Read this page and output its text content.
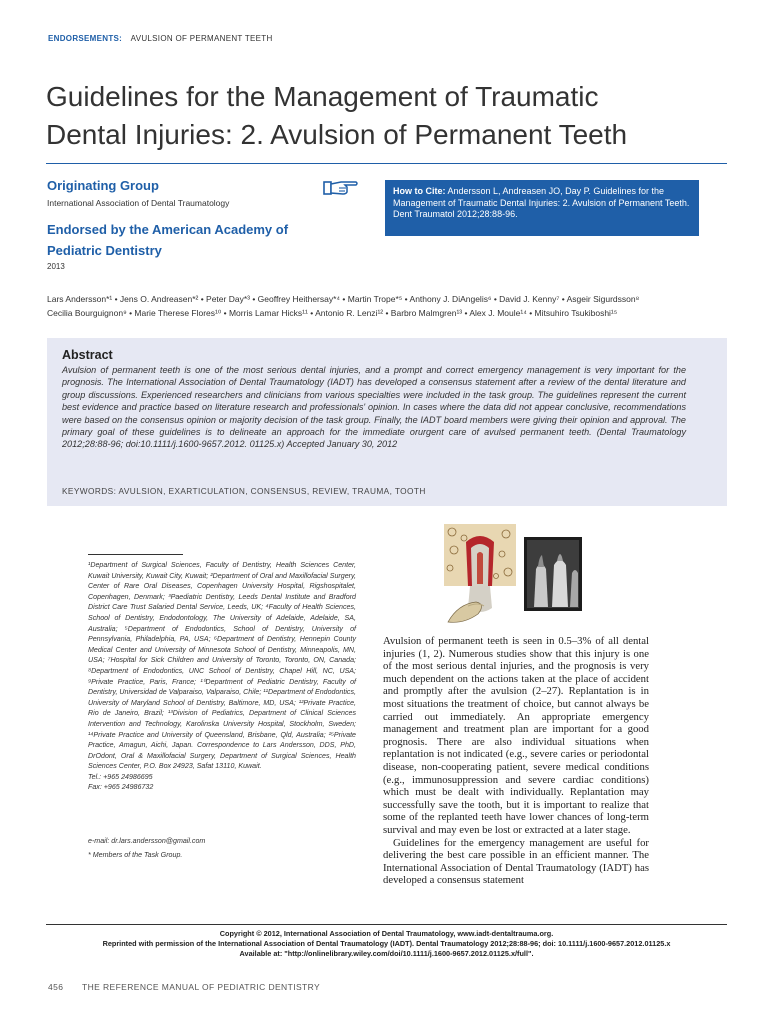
ENDORSEMENTS: AVULSION OF PERMANENT TEETH
Guidelines for the Management of Traumatic Dental Injuries: 2. Avulsion of Permanent Teeth
Originating Group
International Association of Dental Traumatology
Endorsed by the American Academy of Pediatric Dentistry
2013
How to Cite: Andersson L, Andreasen JO, Day P. Guidelines for the Management of Traumatic Dental Injuries: 2. Avulsion of Permanent Teeth. Dent Traumatol 2012;28:88-96.
Lars Andersson*¹ • Jens O. Andreasen*² • Peter Day*³ • Geoffrey Heithersay*⁴ • Martin Trope*⁵ • Anthony J. DiAngelis⁶ • David J. Kenny⁷ • Asgeir Sigurdsson⁸
Cecilia Bourguignon⁹ • Marie Therese Flores¹⁰ • Morris Lamar Hicks¹¹ • Antonio R. Lenzi¹² • Barbro Malmgren¹³ • Alex J. Moule¹⁴ • Mitsuhiro Tsukiboshi¹⁵
Abstract
Avulsion of permanent teeth is one of the most serious dental injuries, and a prompt and correct emergency management is very important for the prognosis. The International Association of Dental Traumatology (IADT) has developed a consensus statement after a review of the dental literature and group discussions. Experienced researchers and clinicians from various specialties were included in the task group. The guidelines represent the current best evidence and practice based on literature research and professionals' opinion. In cases where the data did not appear conclusive, recommendations were based on the consensus opinion or majority decision of the task group. Finally, the IADT board members were giving their opinion and approval. The primary goal of these guidelines is to delineate an approach for the immediate orurgent care of avulsed permanent teeth. (Dental Traumatology 2012;28:88-96; doi:10.1111/j.1600-9657.2012. 01125.x) Accepted January 30, 2012
KEYWORDS: AVULSION, EXARTICULATION, CONSENSUS, REVIEW, TRAUMA, TOOTH
¹Department of Surgical Sciences, Faculty of Dentistry, Health Sciences Center, Kuwait University, Kuwait City, Kuwait; ²Department of Oral and Maxillofacial Surgery, Center of Rare Oral Diseases, Copenhagen University Hospital, Rigshospitalet, Copenhagen, Denmark; ³Paediatric Dentistry, Leeds Dental Institute and Bradford District Care Trust Salaried Dental Service, Leeds, UK; ⁴Faculty of Health Sciences, School of Dentistry, Endodontology, The University of Adelaide, Adelaide, SA, Australia; ⁵Department of Endodontics, School of Dentistry, University of Pennsylvania, Philadelphia, PA, USA; ⁶Department of Dentistry, Hennepin County Medical Center and University of Minnesota School of Dentistry, Minneapolis, MN, USA; ⁷Hospital for Sick Children and University of Toronto, Toronto, ON, Canada; ⁸Department of Endodontics, UNC School of Dentistry, Chapel Hill, NC, USA; ⁹Private Practice, Paris, France; ¹⁰Department of Pediatric Dentistry, Faculty of Dentistry, Universidad de Valparaiso, Valparaiso, Chile; ¹¹Department of Endodontics, University of Maryland School of Dentistry, Baltimore, MD, USA; ¹²Private Practice, Rio de Janeiro, Brazil; ¹³Division of Pediatrics, Department of Clinical Sciences Intervention and Technology, Karolinska University Hospital, Stockholm, Sweden; ¹⁴Private Practice and University of Queensland, Brisbane, Qld, Australia; ¹⁵Private Practice, Amagun, Aichi, Japan. Correspondence to Lars Andersson, DDS, PhD, DrOdont, Oral & Maxillofacial Surgery, Department of Surgical Sciences, Health Sciences Center, P.O. Box 24923, Safat 13110, Kuwait.
Tel.: +965 24986695
Fax: +965 24986732
e-mail: dr.lars.andersson@gmail.com
* Members of the Task Group.

Avulsion of permanent teeth is seen in 0.5–3% of all dental injuries (1, 2). Numerous studies show that this injury is one of the most serious dental injuries, and the prognosis is very much dependent on the actions taken at the place of accident and promptly after the avulsion (2–27). Replantation is in most situations the treatment of choice, but cannot always be carried out immediately. An appropriate emergency management and treatment plan are important for a good prognosis. There are also individual situations when replantation is not indicated (e.g., severe caries or periodontal disease, non-cooperating patient, severe medical conditions (e.g., immunosuppression and severe cardiac conditions) which must be dealt with individually. Replantation may successfully save the tooth, but it is important to realize that some of the replanted teeth have lower chances of long-term survival and may even be lost or extracted at a later stage.

Guidelines for the emergency management are useful for delivering the best care possible in an efficient manner. The International Association of Dental Traumatology (IADT) has developed a consensus statement

Copyright © 2012, International Association of Dental Traumatology, www.iadt-dentaltrauma.org.
Reprinted with permission of the International Association of Dental Traumatology (IADT). Dental Traumatology 2012;28:88-96; doi: 10.1111/j.1600-9657.2012.01125.x
Available at: "http://onlinelibrary.wiley.com/doi/10.1111/j.1600-9657.2012.01125.x/full".
456 THE REFERENCE MANUAL OF PEDIATRIC DENTISTRY
